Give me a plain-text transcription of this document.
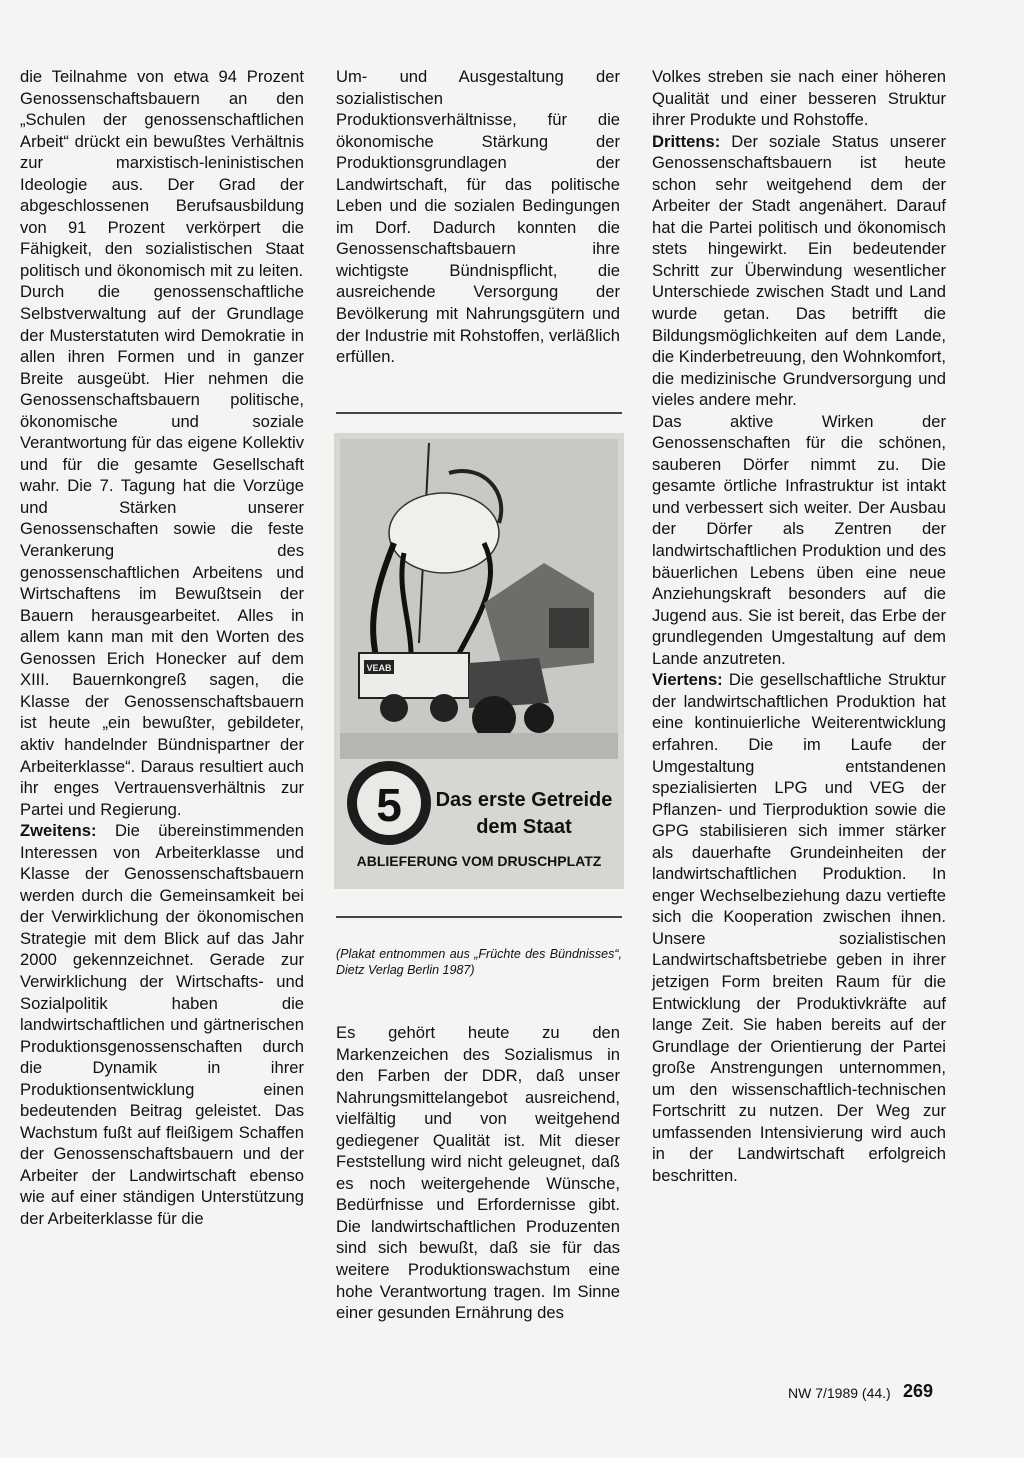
die Teilnahme von etwa 94 Prozent Genossenschaftsbauern an den „Schulen der genossenschaftlichen Arbeit“ drückt ein bewußtes Verhältnis zur marxistisch-leninistischen Ideologie aus. Der Grad der abgeschlossenen Berufsausbildung von 91 Prozent verkörpert die Fähigkeit, den sozialistischen Staat politisch und ökonomisch mit zu leiten.

Durch die genossenschaftliche Selbstverwaltung auf der Grundlage der Musterstatuten wird Demokratie in allen ihren Formen und in ganzer Breite ausgeübt. Hier nehmen die Genossenschaftsbauern politische, ökonomische und soziale Verantwortung für das eigene Kollektiv und für die gesamte Gesellschaft wahr. Die 7. Tagung hat die Vorzüge und Stärken unserer Genossenschaften sowie die feste Verankerung des genossenschaftlichen Arbeitens und Wirtschaftens im Bewußtsein der Bauern herausgearbeitet. Alles in allem kann man mit den Worten des Genossen Erich Honecker auf dem XIII. Bauernkongreß sagen, die Klasse der Genossenschaftsbauern ist heute „ein bewußter, gebildeter, aktiv handelnder Bündnispartner der Arbeiterklasse“. Daraus resultiert auch ihr enges Vertrauensverhältnis zur Partei und Regierung.

Zweitens: Die übereinstimmenden Interessen von Arbeiterklasse und Klasse der Genossenschaftsbauern werden durch die Gemeinsamkeit bei der Verwirklichung der ökonomischen Strategie mit dem Blick auf das Jahr 2000 gekennzeichnet. Gerade zur Verwirklichung der Wirtschafts- und Sozialpolitik haben die landwirtschaftlichen und gärtnerischen Produktionsgenossenschaften durch die Dynamik in ihrer Produktionsentwicklung einen bedeutenden Beitrag geleistet. Das Wachstum fußt auf fleißigem Schaffen der Genossenschaftsbauern und der Arbeiter der Landwirtschaft ebenso wie auf einer ständigen Unterstützung der Arbeiterklasse für die

Um- und Ausgestaltung der sozialistischen Produktionsverhältnisse, für die ökonomische Stärkung der Produktionsgrundlagen der Landwirtschaft, für das politische Leben und die sozialen Bedingungen im Dorf. Dadurch konnten die Genossenschaftsbauern ihre wichtigste Bündnispflicht, die ausreichende Versorgung der Bevölkerung mit Nahrungsgütern und der Industrie mit Rohstoffen, verläßlich erfüllen.

VEAB
5 Das erste Getreide
dem Staat
ABLIEFERUNG VOM DRUSCHPLATZ
(Plakat entnommen aus „Früchte des Bündnisses“, Dietz Verlag Berlin 1987)

Es gehört heute zu den Markenzeichen des Sozialismus in den Farben der DDR, daß unser Nahrungsmittelangebot ausreichend, vielfältig und von weitgehend gediegener Qualität ist. Mit dieser Feststellung wird nicht geleugnet, daß es noch weitergehende Wünsche, Bedürfnisse und Erfordernisse gibt. Die landwirtschaftlichen Produzenten sind sich bewußt, daß sie für das weitere Produktionswachstum eine hohe Verantwortung tragen. Im Sinne einer gesunden Ernährung des

Volkes streben sie nach einer höheren Qualität und einer besseren Struktur ihrer Produkte und Rohstoffe.

Drittens: Der soziale Status unserer Genossenschaftsbauern ist heute schon sehr weitgehend dem der Arbeiter der Stadt angenähert. Darauf hat die Partei politisch und ökonomisch stets hingewirkt. Ein bedeutender Schritt zur Überwindung wesentlicher Unterschiede zwischen Stadt und Land wurde getan. Das betrifft die Bildungsmöglichkeiten auf dem Lande, die Kinderbetreuung, den Wohnkomfort, die medizinische Grundversorgung und vieles andere mehr.

Das aktive Wirken der Genossenschaften für die schönen, sauberen Dörfer nimmt zu. Die gesamte örtliche Infrastruktur ist intakt und verbessert sich weiter. Der Ausbau der Dörfer als Zentren der landwirtschaftlichen Produktion und des bäuerlichen Lebens üben eine neue Anziehungskraft besonders auf die Jugend aus. Sie ist bereit, das Erbe der grundlegenden Umgestaltung auf dem Lande anzutreten.

Viertens: Die gesellschaftliche Struktur der landwirtschaftlichen Produktion hat eine kontinuierliche Weiterentwicklung erfahren. Die im Laufe der Umgestaltung entstandenen spezialisierten LPG und VEG der Pflanzen- und Tierproduktion sowie die GPG stabilisieren sich immer stärker als dauerhafte Grundeinheiten der landwirtschaftlichen Produktion. In enger Wechselbeziehung dazu vertiefte sich die Kooperation zwischen ihnen. Unsere sozialistischen Landwirtschaftsbetriebe geben in ihrer jetzigen Form breiten Raum für die Entwicklung der Produktivkräfte auf lange Zeit. Sie haben bereits auf der Grundlage der Orientierung der Partei große Anstrengungen unternommen, um den wissenschaftlich-technischen Fortschritt zu nutzen. Der Weg zur umfassenden Intensivierung wird auch in der Landwirtschaft erfolgreich beschritten.

NW 7/1989 (44.) 269
